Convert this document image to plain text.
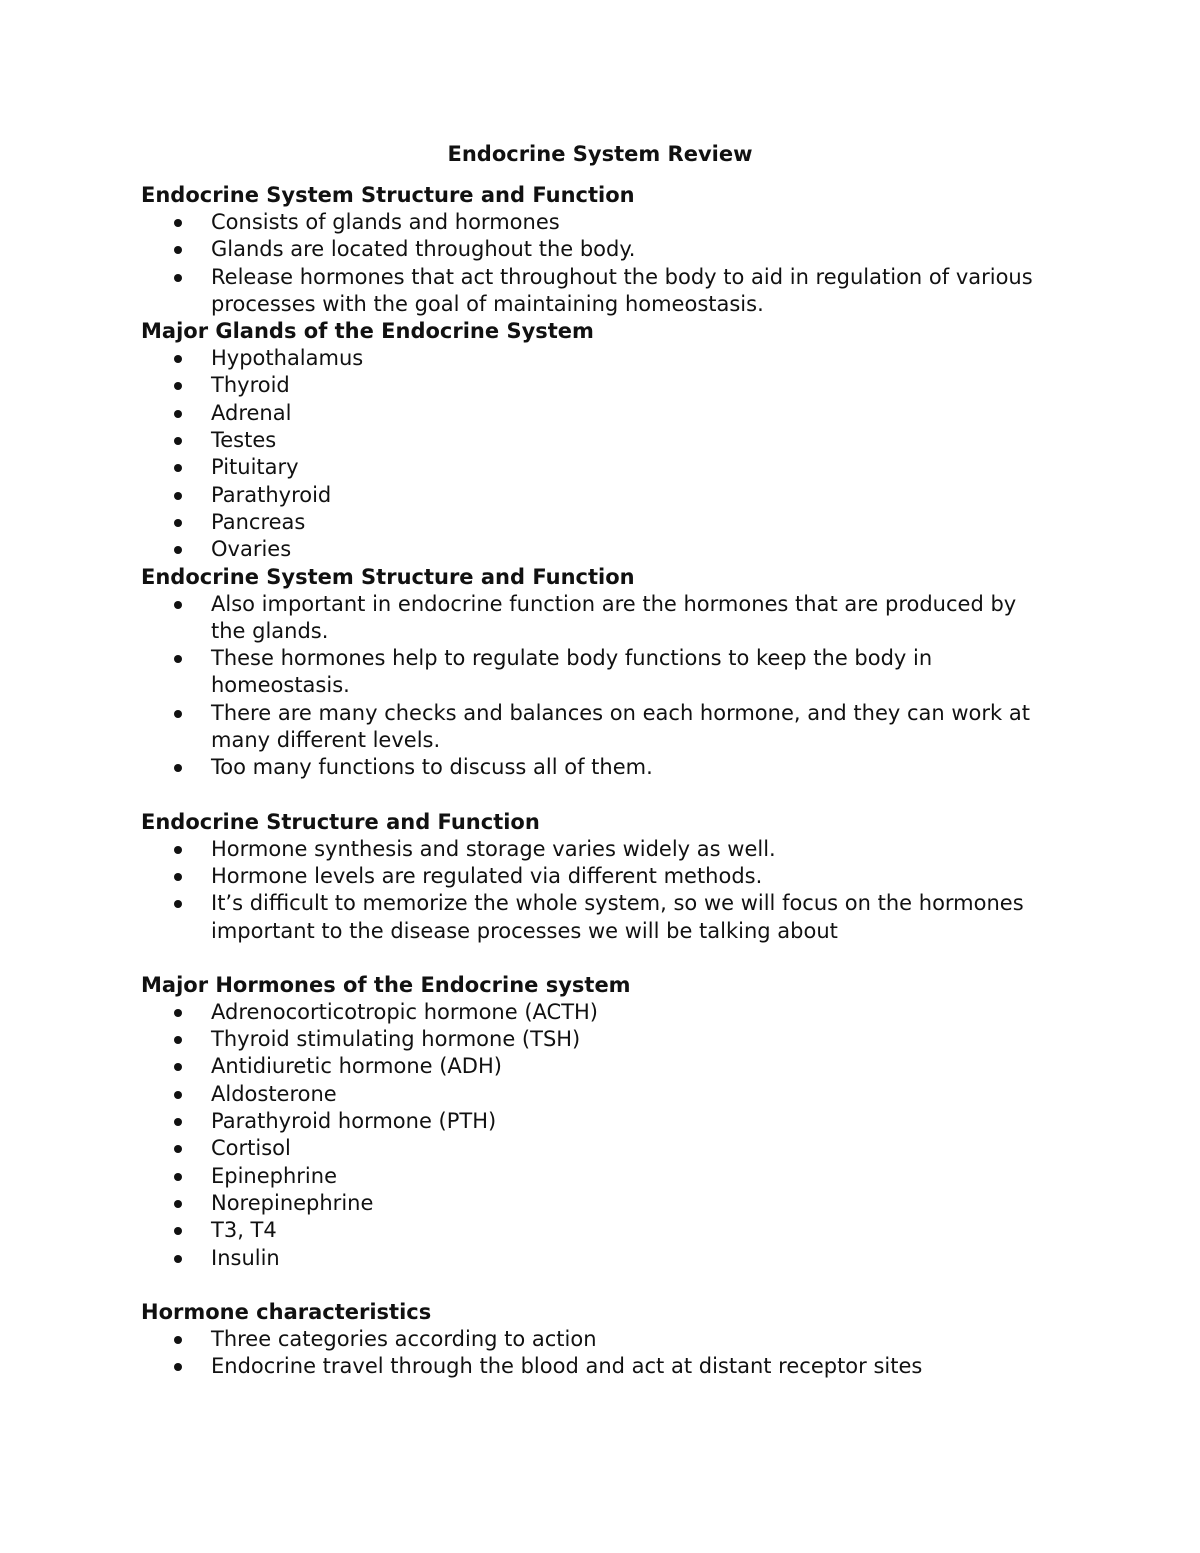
Endocrine System Review
Endocrine System Structure and Function
Consists of glands and hormones
Glands are located throughout the body.
Release hormones that act throughout the body to aid in regulation of various processes with the goal of maintaining homeostasis.
Major Glands of the Endocrine System
Hypothalamus
Thyroid
Adrenal
Testes
Pituitary
Parathyroid
Pancreas
Ovaries
Endocrine System Structure and Function
Also important in endocrine function are the hormones that are produced by the glands.
These hormones help to regulate body functions to keep the body in homeostasis.
There are many checks and balances on each hormone, and they can work at many different levels.
Too many functions to discuss all of them.
Endocrine Structure and Function
Hormone synthesis and storage varies widely as well.
Hormone levels are regulated via different methods.
It’s difficult to memorize the whole system, so we will focus on the hormones important to the disease processes we will be talking about
Major Hormones of the Endocrine system
Adrenocorticotropic hormone (ACTH)
Thyroid stimulating hormone (TSH)
Antidiuretic hormone (ADH)
Aldosterone
Parathyroid hormone (PTH)
Cortisol
Epinephrine
Norepinephrine
T3, T4
Insulin
Hormone characteristics
Three categories according to action
Endocrine travel through the blood and act at distant receptor sites
